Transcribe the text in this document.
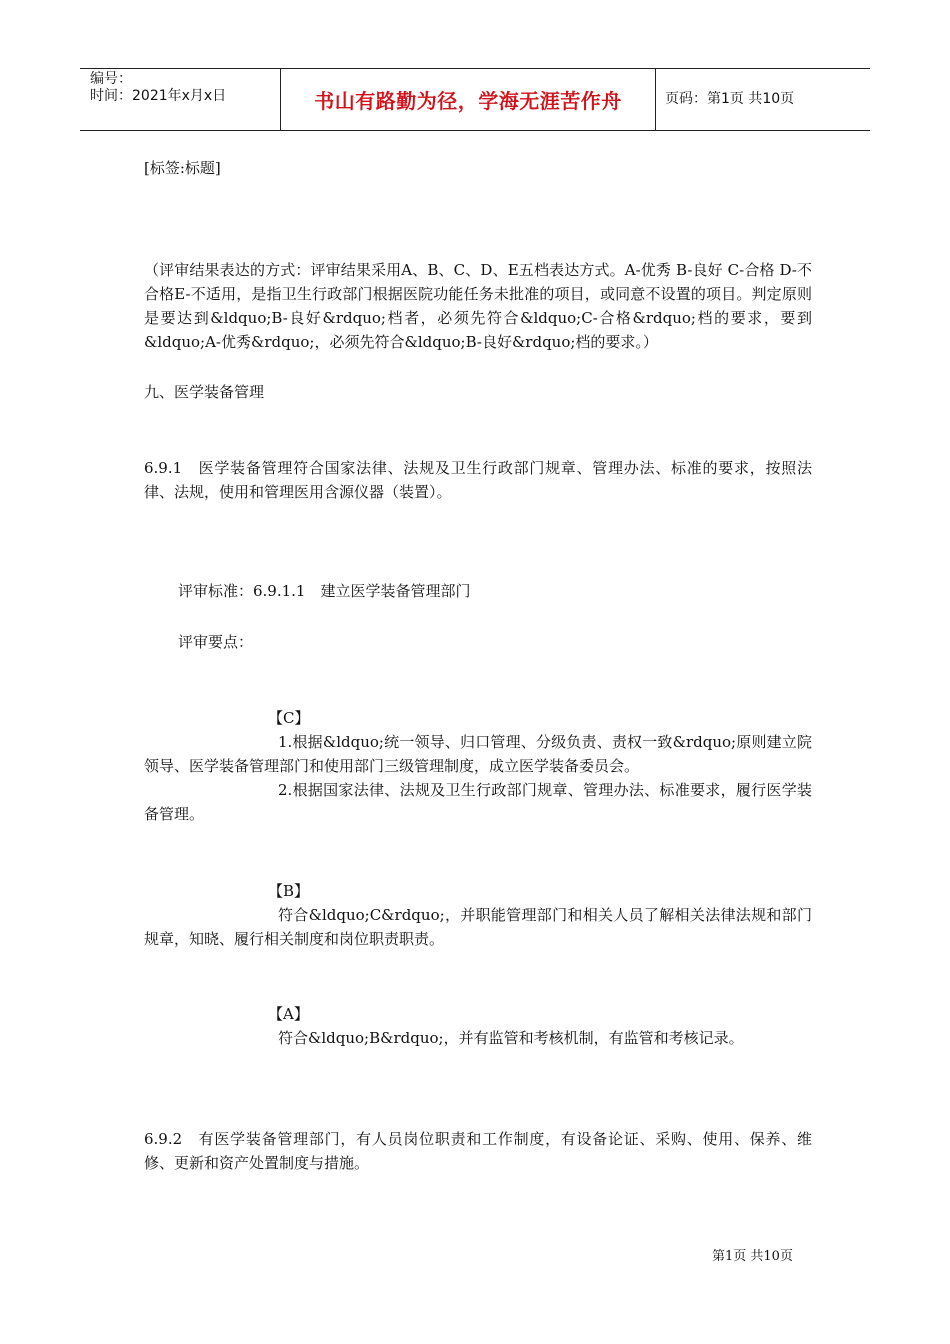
编号：
时间：2021年x月x日	书山有路勤为径，学海无涯苦作舟	页码：第1页 共10页
[标签:标题]
（评审结果表达的方式：评审结果采用A、B、C、D、E五档表达方式。A-优秀 B-良好 C-合格 D-不合格E-不适用，是指卫生行政部门根据医院功能任务未批准的项目，或同意不设置的项目。判定原则是要达到&ldquo;B-良好&rdquo;档者，必须先符合&ldquo;C-合格&rdquo;档的要求，要到&ldquo;A-优秀&rdquo;，必须先符合&ldquo;B-良好&rdquo;档的要求。）
九、医学装备管理
6.9.1　医学装备管理符合国家法律、法规及卫生行政部门规章、管理办法、标准的要求，按照法律、法规，使用和管理医用含源仪器（装置）。
评审标准：6.9.1.1　建立医学装备管理部门
评审要点：
【C】
1.根据&ldquo;统一领导、归口管理、分级负责、责权一致&rdquo;原则建立院领导、医学装备管理部门和使用部门三级管理制度，成立医学装备委员会。
2.根据国家法律、法规及卫生行政部门规章、管理办法、标准要求，履行医学装备管理。
【B】
符合&ldquo;C&rdquo;，并职能管理部门和相关人员了解相关法律法规和部门规章，知晓、履行相关制度和岗位职责职责。
【A】
符合&ldquo;B&rdquo;，并有监管和考核机制，有监管和考核记录。
6.9.2　有医学装备管理部门，有人员岗位职责和工作制度，有设备论证、采购、使用、保养、维修、更新和资产处置制度与措施。
第1页 共10页
